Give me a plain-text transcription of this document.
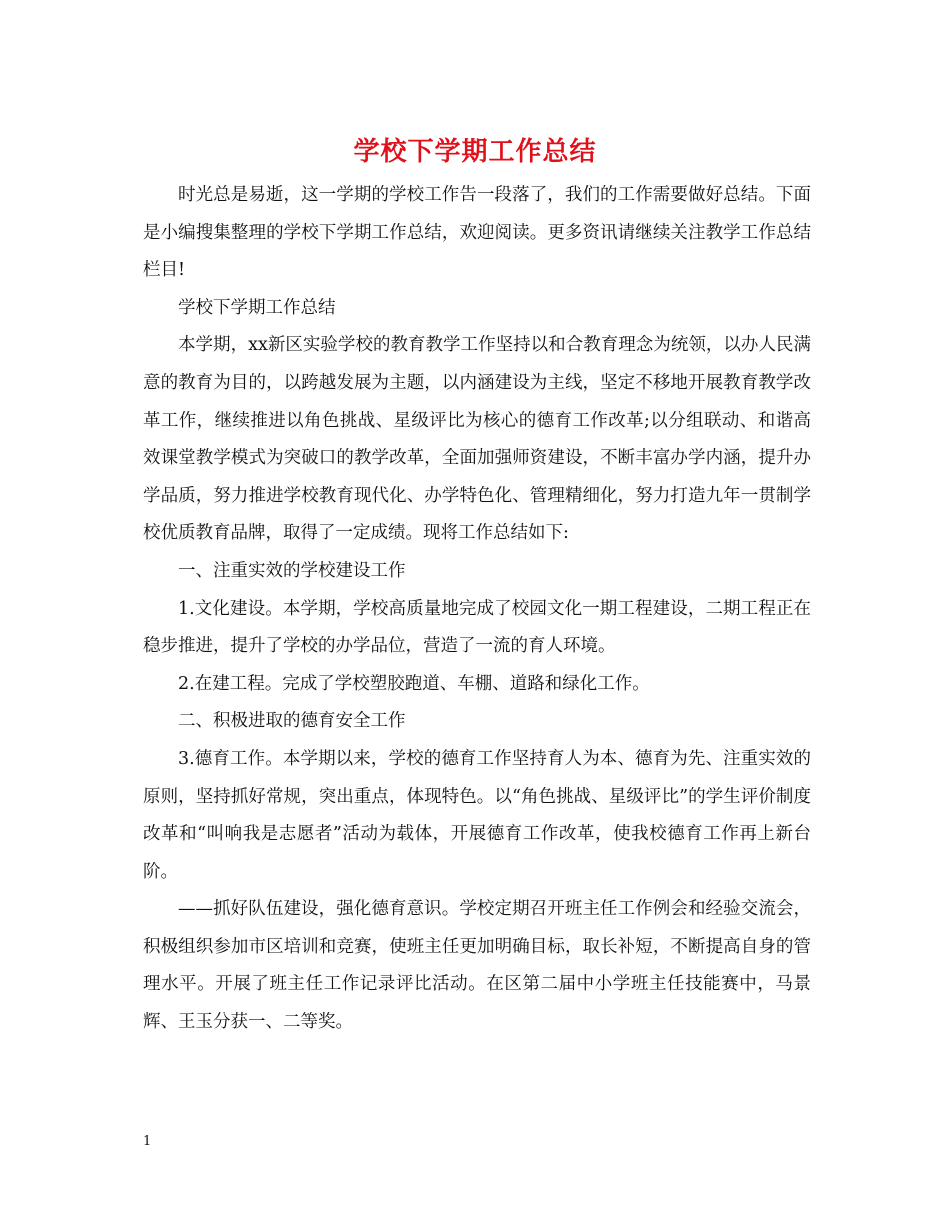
学校下学期工作总结

时光总是易逝，这一学期的学校工作告一段落了，我们的工作需要做好总结。下面是小编搜集整理的学校下学期工作总结，欢迎阅读。更多资讯请继续关注教学工作总结栏目!

学校下学期工作总结

本学期，xx新区实验学校的教育教学工作坚持以和合教育理念为统领，以办人民满意的教育为目的，以跨越发展为主题，以内涵建设为主线，坚定不移地开展教育教学改革工作，继续推进以角色挑战、星级评比为核心的德育工作改革;以分组联动、和谐高效课堂教学模式为突破口的教学改革，全面加强师资建设，不断丰富办学内涵，提升办学品质，努力推进学校教育现代化、办学特色化、管理精细化，努力打造九年一贯制学校优质教育品牌，取得了一定成绩。现将工作总结如下:

一、注重实效的学校建设工作

1.文化建设。本学期，学校高质量地完成了校园文化一期工程建设，二期工程正在稳步推进，提升了学校的办学品位，营造了一流的育人环境。

2.在建工程。完成了学校塑胶跑道、车棚、道路和绿化工作。

二、积极进取的德育安全工作

3.德育工作。本学期以来，学校的德育工作坚持育人为本、德育为先、注重实效的原则，坚持抓好常规，突出重点，体现特色。以“角色挑战、星级评比”的学生评价制度改革和“叫响我是志愿者”活动为载体，开展德育工作改革，使我校德育工作再上新台阶。

——抓好队伍建设，强化德育意识。学校定期召开班主任工作例会和经验交流会，积极组织参加市区培训和竞赛，使班主任更加明确目标，取长补短，不断提高自身的管理水平。开展了班主任工作记录评比活动。在区第二届中小学班主任技能赛中，马景辉、王玉分获一、二等奖。

1
